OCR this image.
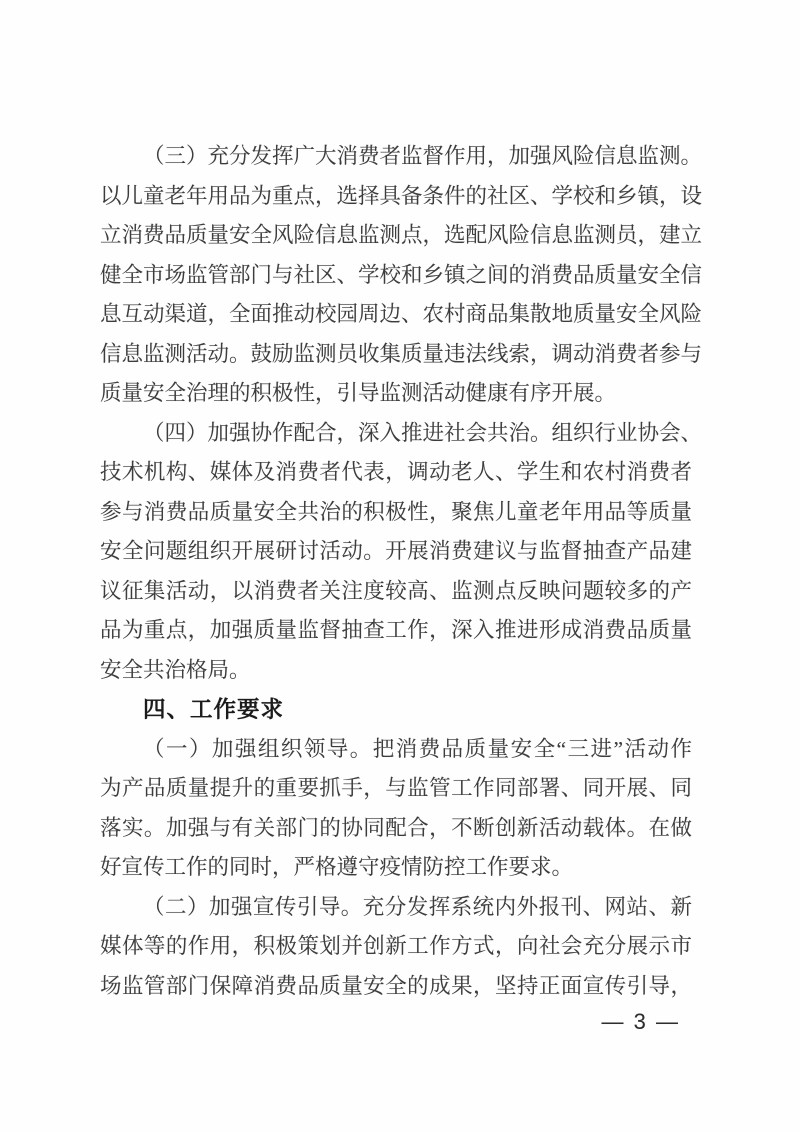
（三）充分发挥广大消费者监督作用，加强风险信息监测。
以儿童老年用品为重点，选择具备条件的社区、学校和乡镇，设
立消费品质量安全风险信息监测点，选配风险信息监测员，建立
健全市场监管部门与社区、学校和乡镇之间的消费品质量安全信
息互动渠道，全面推动校园周边、农村商品集散地质量安全风险
信息监测活动。鼓励监测员收集质量违法线索，调动消费者参与
质量安全治理的积极性，引导监测活动健康有序开展。
（四）加强协作配合，深入推进社会共治。组织行业协会、
技术机构、媒体及消费者代表，调动老人、学生和农村消费者
参与消费品质量安全共治的积极性，聚焦儿童老年用品等质量
安全问题组织开展研讨活动。开展消费建议与监督抽查产品建
议征集活动，以消费者关注度较高、监测点反映问题较多的产
品为重点，加强质量监督抽查工作，深入推进形成消费品质量
安全共治格局。
四、工作要求
（一）加强组织领导。把消费品质量安全“三进”活动作
为产品质量提升的重要抓手，与监管工作同部署、同开展、同
落实。加强与有关部门的协同配合，不断创新活动载体。在做
好宣传工作的同时，严格遵守疫情防控工作要求。
（二）加强宣传引导。充分发挥系统内外报刊、网站、新
媒体等的作用，积极策划并创新工作方式，向社会充分展示市
场监管部门保障消费品质量安全的成果，坚持正面宣传引导，
— 3 —
